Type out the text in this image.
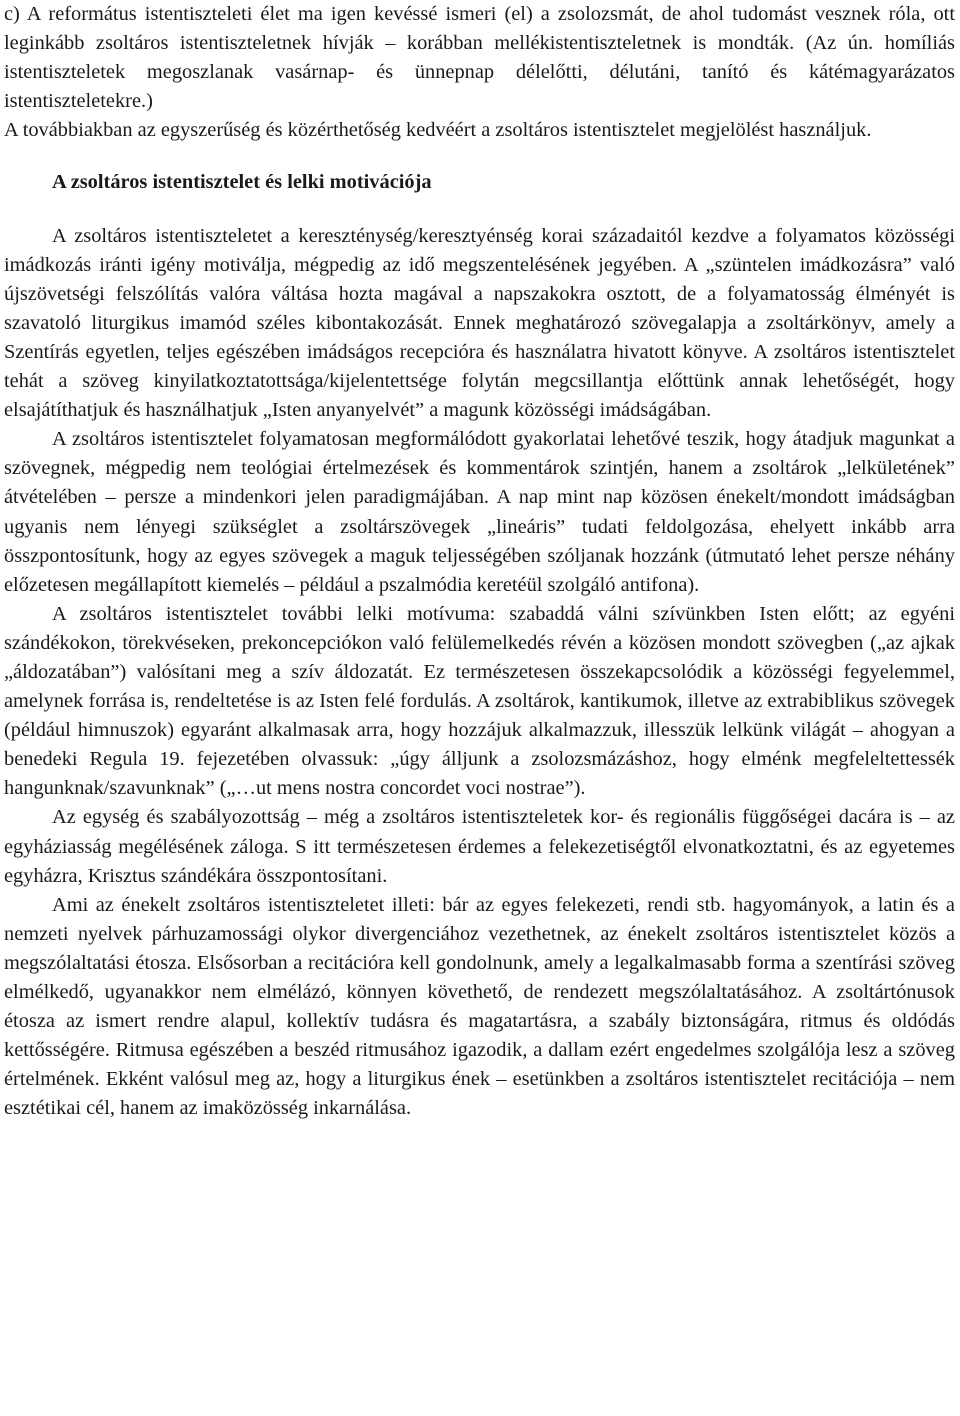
c) A református istentiszteleti élet ma igen kevéssé ismeri (el) a zsolozsmát, de ahol tudomást vesznek róla, ott leginkább zsoltáros istentiszteletnek hívják – korábban mellékistentiszteletnek is mondták. (Az ún. homíliás istentiszteletek megoszlanak vasárnap- és ünnepnap délelőtti, délutáni, tanító és kátémagyarázatos istentiszteletekre.)

A továbbiakban az egyszerűség és közérthetőség kedvéért a zsoltáros istentisztelet megjelölést használjuk.

A zsoltáros istentisztelet és lelki motivációja

A zsoltáros istentiszteletet a kereszténység/keresztyénség korai századaitól kezdve a folyamatos közösségi imádkozás iránti igény motiválja, mégpedig az idő megszentelésének jegyében. A „szüntelen imádkozásra” való újszövetségi felszólítás valóra váltása hozta magával a napszakokra osztott, de a folyamatosság élményét is szavatoló liturgikus imamód széles kibontakozását. Ennek meghatározó szövegalapja a zsoltárkönyv, amely a Szentírás egyetlen, teljes egészében imádságos recepcióra és használatra hivatott könyve. A zsoltáros istentisztelet tehát a szöveg kinyilatkoztatottsága/kijelentettsége folytán megcsillantja előttünk annak lehetőségét, hogy elsajátíthatjuk és használhatjuk „Isten anyanyelvét” a magunk közösségi imádságában.

A zsoltáros istentisztelet folyamatosan megformálódott gyakorlatai lehetővé teszik, hogy átadjuk magunkat a szövegnek, mégpedig nem teológiai értelmezések és kommentárok szintjén, hanem a zsoltárok „lelkületének” átvételében – persze a mindenkori jelen paradigmájában. A nap mint nap közösen énekelt/mondott imádságban ugyanis nem lényegi szükséglet a zsoltárszövegek „lineáris” tudati feldolgozása, ehelyett inkább arra összpontosítunk, hogy az egyes szövegek a maguk teljességében szóljanak hozzánk (útmutató lehet persze néhány előzetesen megállapított kiemelés – például a pszalmódia keretéül szolgáló antifona).

A zsoltáros istentisztelet további lelki motívuma: szabaddá válni szívünkben Isten előtt; az egyéni szándékokon, törekvéseken, prekoncepciókon való felülemelkedés révén a közösen mondott szövegben („az ajkak „áldozatában”) valósítani meg a szív áldozatát. Ez természetesen összekapcsolódik a közösségi fegyelemmel, amelynek forrása is, rendeltetése is az Isten felé fordulás. A zsoltárok, kantikumok, illetve az extrabiblikus szövegek (például himnuszok) egyaránt alkalmasak arra, hogy hozzájuk alkalmazzuk, illesszük lelkünk világát – ahogyan a benedeki Regula 19. fejezetében olvassuk: „úgy álljunk a zsolozsmázáshoz, hogy elménk megfeleltettessék hangunknak/szavunknak” („…ut mens nostra concordet voci nostrae”).

Az egység és szabályozottság – még a zsoltáros istentiszteletek kor- és regionális függőségei dacára is – az egyháziasság megélésének záloga. S itt természetesen érdemes a felekezetiségtől elvonatkoztatni, és az egyetemes egyházra, Krisztus szándékára összpontosítani.

Ami az énekelt zsoltáros istentiszteletet illeti: bár az egyes felekezeti, rendi stb. hagyományok, a latin és a nemzeti nyelvek párhuzamossági olykor divergenciához vezethetnek, az énekelt zsoltáros istentisztelet közös a megszólaltatási étosza. Elsősorban a recitációra kell gondolnunk, amely a legalkalmasabb forma a szentírási szöveg elmélkedő, ugyanakkor nem elmélázó, könnyen követhető, de rendezett megszólaltatásához. A zsoltártónusok étosza az ismert rendre alapul, kollektív tudásra és magatartásra, a szabály biztonságára, ritmus és oldódás kettősségére. Ritmusa egészében a beszéd ritmusához igazodik, a dallam ezért engedelmes szolgálója lesz a szöveg értelmének. Ekként valósul meg az, hogy a liturgikus ének – esetünkben a zsoltáros istentisztelet recitációja – nem esztétikai cél, hanem az imaközösség inkarnálása.
